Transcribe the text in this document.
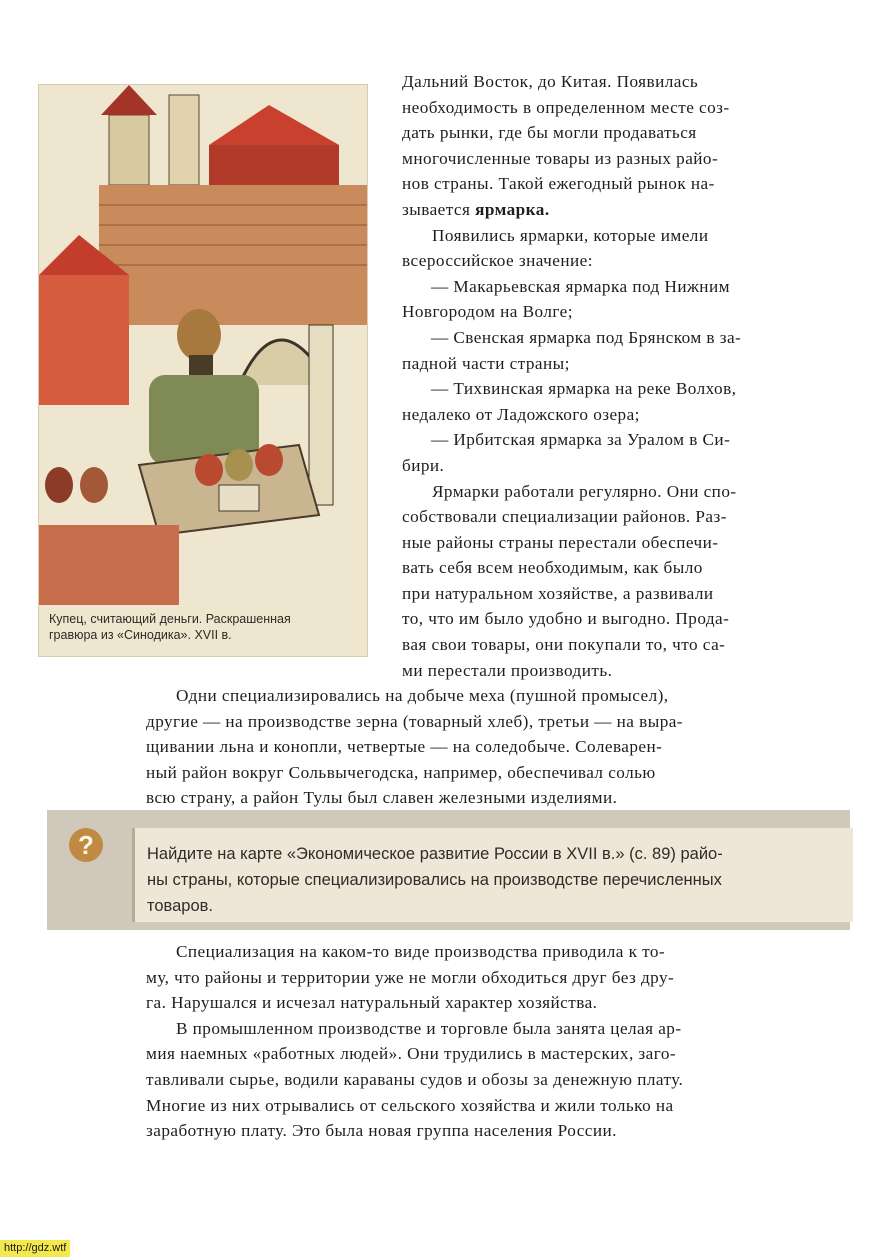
Купец, считающий деньги. Раскрашенная
гравюра из «Синодика». XVII в.
Дальний Восток, до Китая. Появилась
необходимость в определенном месте соз-
дать рынки, где бы могли продаваться
многочисленные товары из разных райо-
нов страны. Такой ежегодный рынок на-
зывается ярмарка.
Появились ярмарки, которые имели
всероссийское значение:
— Макарьевская ярмарка под Нижним
Новгородом на Волге;
— Свенская ярмарка под Брянском в за-
падной части страны;
— Тихвинская ярмарка на реке Волхов,
недалеко от Ладожского озера;
— Ирбитская ярмарка за Уралом в Си-
бири.
Ярмарки работали регулярно. Они спо-
собствовали специализации районов. Раз-
ные районы страны перестали обеспечи-
вать себя всем необходимым, как было
при натуральном хозяйстве, а развивали
то, что им было удобно и выгодно. Прода-
вая свои товары, они покупали то, что са-
ми перестали производить.
Одни специализировались на добыче меха (пушной промысел),
другие — на производстве зерна (товарный хлеб), третьи — на выра-
щивании льна и конопли, четвертые — на соледобыче. Солеварен-
ный район вокруг Сольвычегодска, например, обеспечивал солью
всю страну, а район Тулы был славен железными изделиями.
?	Найдите на карте «Экономическое развитие России в XVII в.» (с. 89) райо-
ны страны, которые специализировались на производстве перечисленных
товаров.
Специализация на каком-то виде производства приводила к то-
му, что районы и территории уже не могли обходиться друг без дру-
га. Нарушался и исчезал натуральный характер хозяйства.
В промышленном производстве и торговле была занята целая ар-
мия наемных «работных людей». Они трудились в мастерских, заго-
тавливали сырье, водили караваны судов и обозы за денежную плату.
Многие из них отрывались от сельского хозяйства и жили только на
заработную плату. Это была новая группа населения России.
http://gdz.wtf
